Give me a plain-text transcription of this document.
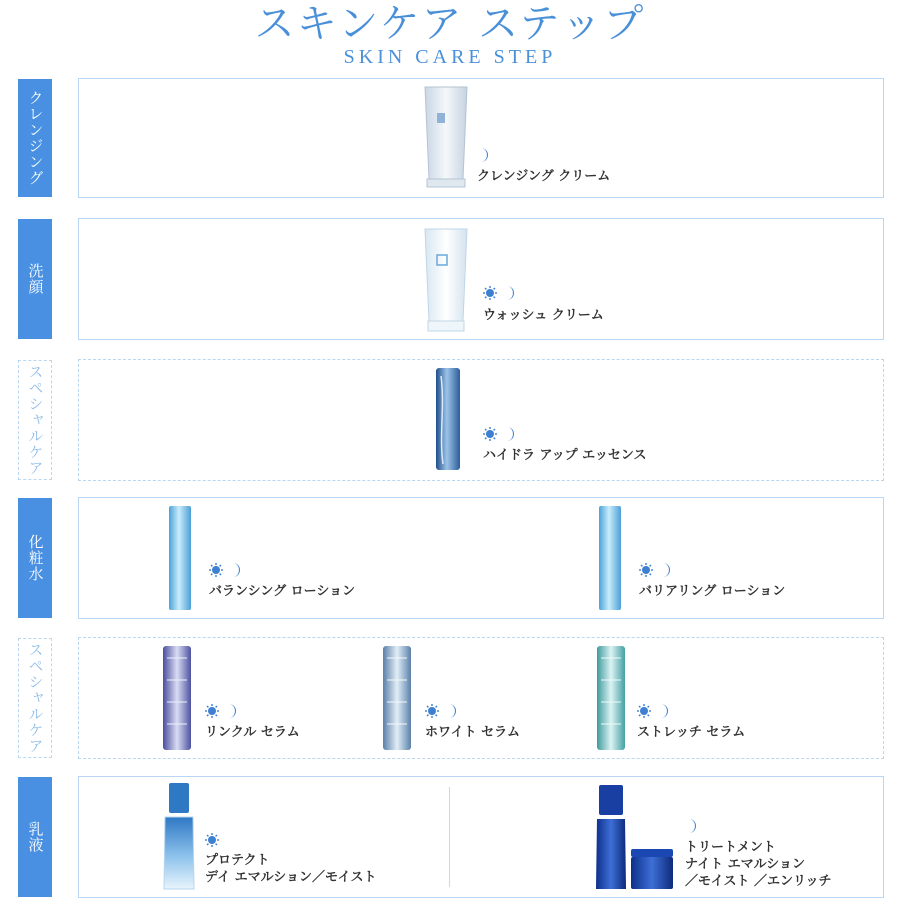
スキンケア ステップ
SKIN CARE STEP
クレンジング	クレンジング クリーム
洗顔
ウォッシュ クリーム
スペシャルケア	ハイドラ アップ エッセンス
化粧水
バランシング ローション	バリアリング ローション
スペシャルケア	リンクル セラム	ホワイト セラム	ストレッチ セラム
乳液
プロテクト
デイ エマルション／モイスト
トリートメント
ナイト エマルション
／モイスト ／エンリッチ
